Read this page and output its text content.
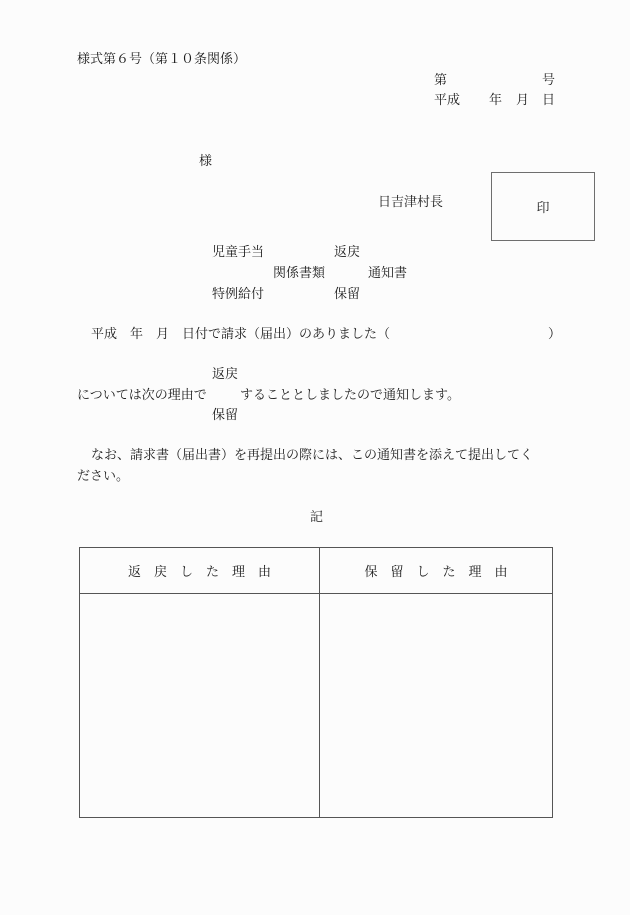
様式第６号（第１０条関係）
第	号
平成 年 月 日
様
日吉津村長	印
児童手当	返戻
関係書類	通知書
特例給付	保留
平成　年　月　日付で請求（届出）のありました（	）
返戻
については次の理由で	することとしましたので通知します。
保留
なお、請求書（届出書）を再提出の際には、この通知書を添えて提出してく
ださい。
記
返戻した理由	保留した理由
